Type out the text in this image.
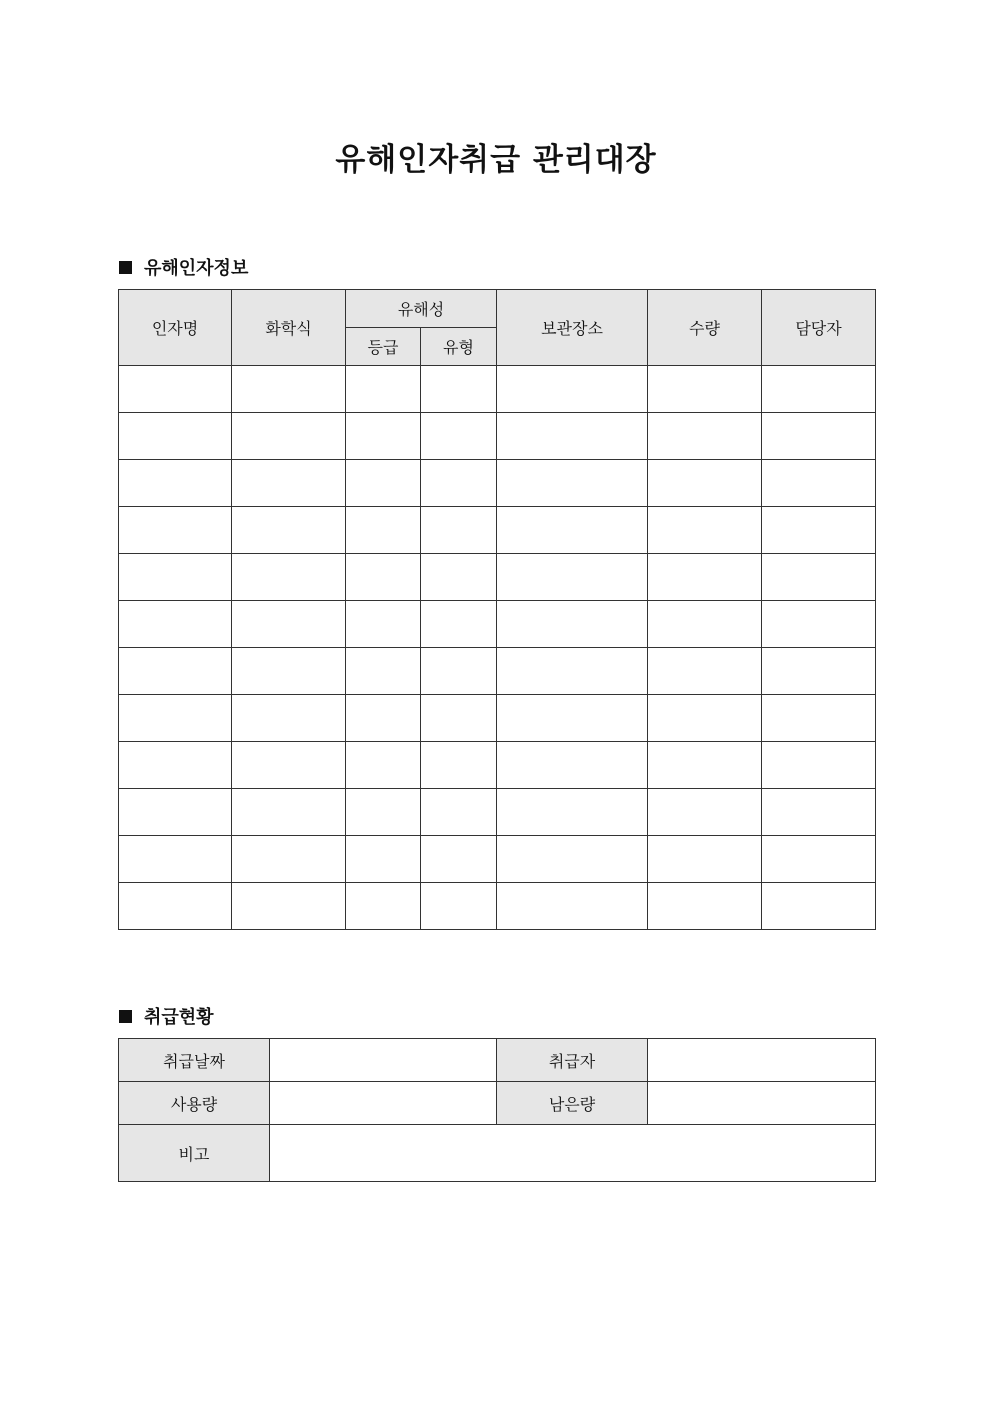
유해인자취급 관리대장
유해인자정보
인자명	화학식	유해성		보관장소	수량	담당자
		등급	유형			

취급현황
취급날짜		취급자	
사용량		남은량	
비고			
